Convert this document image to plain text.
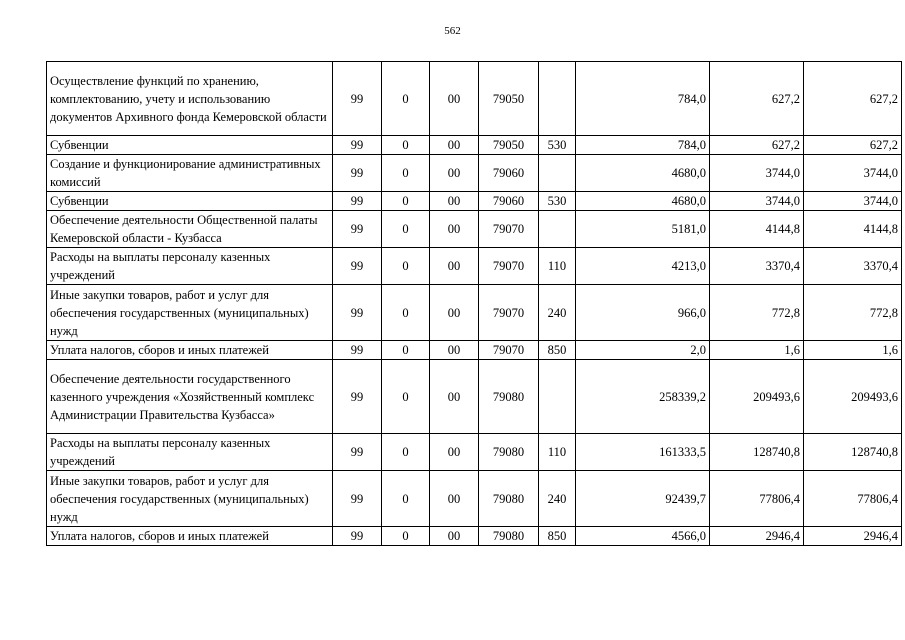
562
Осуществление функций по хранению, комплектованию, учету и использованию документов Архивного фонда Кемеровской области	99	0	00	79050		784,0	627,2	627,2
Субвенции	99	0	00	79050	530	784,0	627,2	627,2
Создание и функционирование административных комиссий	99	0	00	79060		4680,0	3744,0	3744,0
Субвенции	99	0	00	79060	530	4680,0	3744,0	3744,0
Обеспечение деятельности Общественной палаты Кемеровской области - Кузбасса	99	0	00	79070		5181,0	4144,8	4144,8
Расходы на выплаты персоналу казенных учреждений	99	0	00	79070	110	4213,0	3370,4	3370,4
Иные закупки товаров, работ и услуг для обеспечения государственных (муниципальных) нужд	99	0	00	79070	240	966,0	772,8	772,8
Уплата налогов, сборов и иных платежей	99	0	00	79070	850	2,0	1,6	1,6
Обеспечение деятельности государственного казенного учреждения «Хозяйственный комплекс Администрации Правительства Кузбасса»	99	0	00	79080		258339,2	209493,6	209493,6
Расходы на выплаты персоналу казенных учреждений	99	0	00	79080	110	161333,5	128740,8	128740,8
Иные закупки товаров, работ и услуг для обеспечения государственных (муниципальных) нужд	99	0	00	79080	240	92439,7	77806,4	77806,4
Уплата налогов, сборов и иных платежей	99	0	00	79080	850	4566,0	2946,4	2946,4
